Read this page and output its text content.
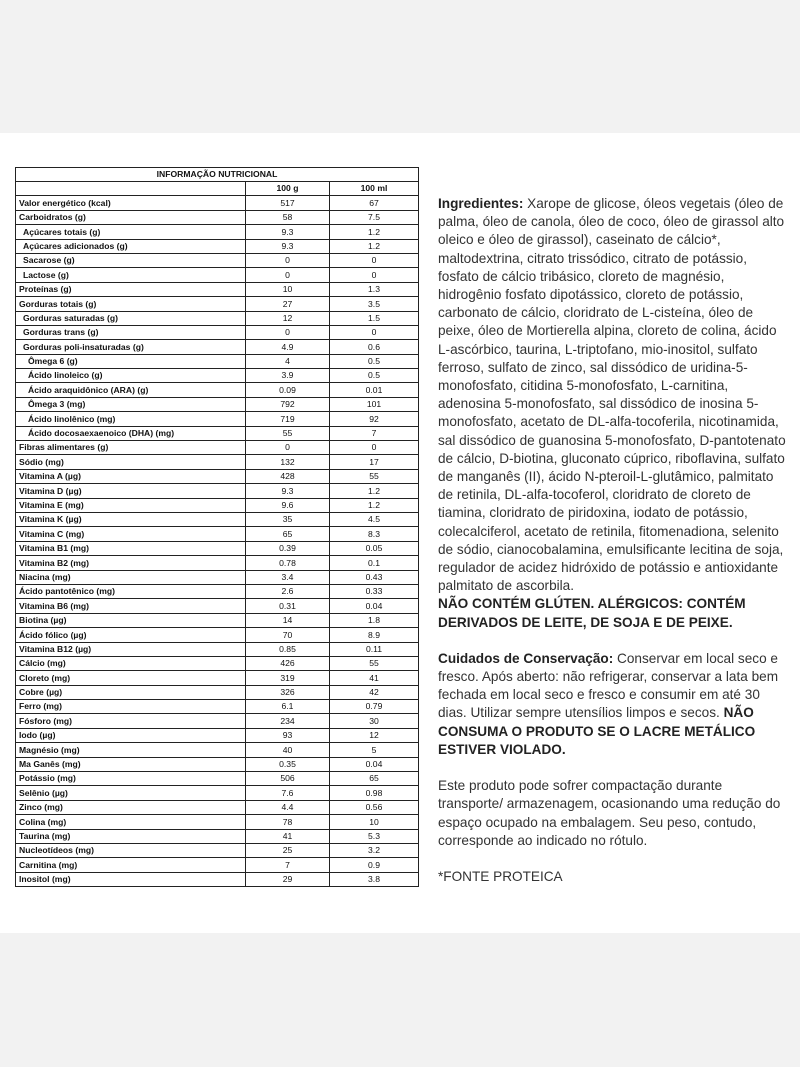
INFORMAÇÃO NUTRICIONAL		
	100 g	100 ml
Valor energético (kcal)	517	67
Carboidratos (g)	58	7.5
Açúcares totais (g)	9.3	1.2
Açúcares adicionados (g)	9.3	1.2
Sacarose (g)	0	0
Lactose (g)	0	0
Proteínas (g)	10	1.3
Gorduras totais (g)	27	3.5
Gorduras saturadas (g)	12	1.5
Gorduras trans (g)	0	0
Gorduras poli-insaturadas (g)	4.9	0.6
Ômega 6 (g)	4	0.5
Ácido linoleico (g)	3.9	0.5
Ácido araquidônico (ARA) (g)	0.09	0.01
Ômega 3 (mg)	792	101
Ácido linolênico (mg)	719	92
Ácido docosaexaenoico (DHA) (mg)	55	7
Fibras alimentares (g)	0	0
Sódio (mg)	132	17
Vitamina A (µg)	428	55
Vitamina D (µg)	9.3	1.2
Vitamina E (mg)	9.6	1.2
Vitamina K (µg)	35	4.5
Vitamina C (mg)	65	8.3
Vitamina B1 (mg)	0.39	0.05
Vitamina B2 (mg)	0.78	0.1
Niacina (mg)	3.4	0.43
Ácido pantotênico (mg)	2.6	0.33
Vitamina B6 (mg)	0.31	0.04
Biotina (µg)	14	1.8
Ácido fólico (µg)	70	8.9
Vitamina B12 (µg)	0.85	0.11
Cálcio (mg)	426	55
Cloreto (mg)	319	41
Cobre (µg)	326	42
Ferro (mg)	6.1	0.79
Fósforo (mg)	234	30
Iodo (µg)	93	12
Magnésio (mg)	40	5
Ma Ganês (mg)	0.35	0.04
Potássio (mg)	506	65
Selênio (µg)	7.6	0.98
Zinco (mg)	4.4	0.56
Colina (mg)	78	10
Taurina (mg)	41	5.3
Nucleotídeos (mg)	25	3.2
Carnitina (mg)	7	0.9
Inositol (mg)	29	3.8

Ingredientes: Xarope de glicose, óleos vegetais (óleo de palma, óleo de canola, óleo de coco, óleo de girassol alto oleico e óleo de girassol), caseinato de cálcio*, maltodextrina, citrato trissódico, citrato de potássio, fosfato de cálcio tribásico, cloreto de magnésio, hidrogênio fosfato dipotássico, cloreto de potássio, carbonato de cálcio, cloridrato de L-cisteína, óleo de peixe, óleo de Mortierella alpina, cloreto de colina, ácido L-ascórbico, taurina, L-triptofano, mio-inositol, sulfato ferroso, sulfato de zinco, sal dissódico de uridina-5-monofosfato, citidina 5-monofosfato, L-carnitina, adenosina 5-monofosfato, sal dissódico de inosina 5-monofosfato, acetato de DL-alfa-tocoferila, nicotinamida, sal dissódico de guanosina 5-monofosfato, D-pantotenato de cálcio, D-biotina, gluconato cúprico, riboflavina, sulfato de manganês (II), ácido N-pteroil-L-glutâmico, palmitato de retinila, DL-alfa-tocoferol, cloridrato de cloreto de tiamina, cloridrato de piridoxina, iodato de potássio, colecalciferol, acetato de retinila, fitomenadiona, selenito de sódio, cianocobalamina, emulsificante lecitina de soja, regulador de acidez hidróxido de potássio e antioxidante palmitato de ascorbila.
NÃO CONTÉM GLÚTEN. ALÉRGICOS: CONTÉM DERIVADOS DE LEITE, DE SOJA E DE PEIXE.

Cuidados de Conservação: Conservar em local seco e fresco. Após aberto: não refrigerar, conservar a lata bem fechada em local seco e fresco e consumir em até 30 dias. Utilizar sempre utensílios limpos e secos. NÃO CONSUMA O PRODUTO SE O LACRE METÁLICO ESTIVER VIOLADO.

Este produto pode sofrer compactação durante transporte/ armazenagem, ocasionando uma redução do espaço ocupado na embalagem. Seu peso, contudo, corresponde ao indicado no rótulo.

*FONTE PROTEICA
